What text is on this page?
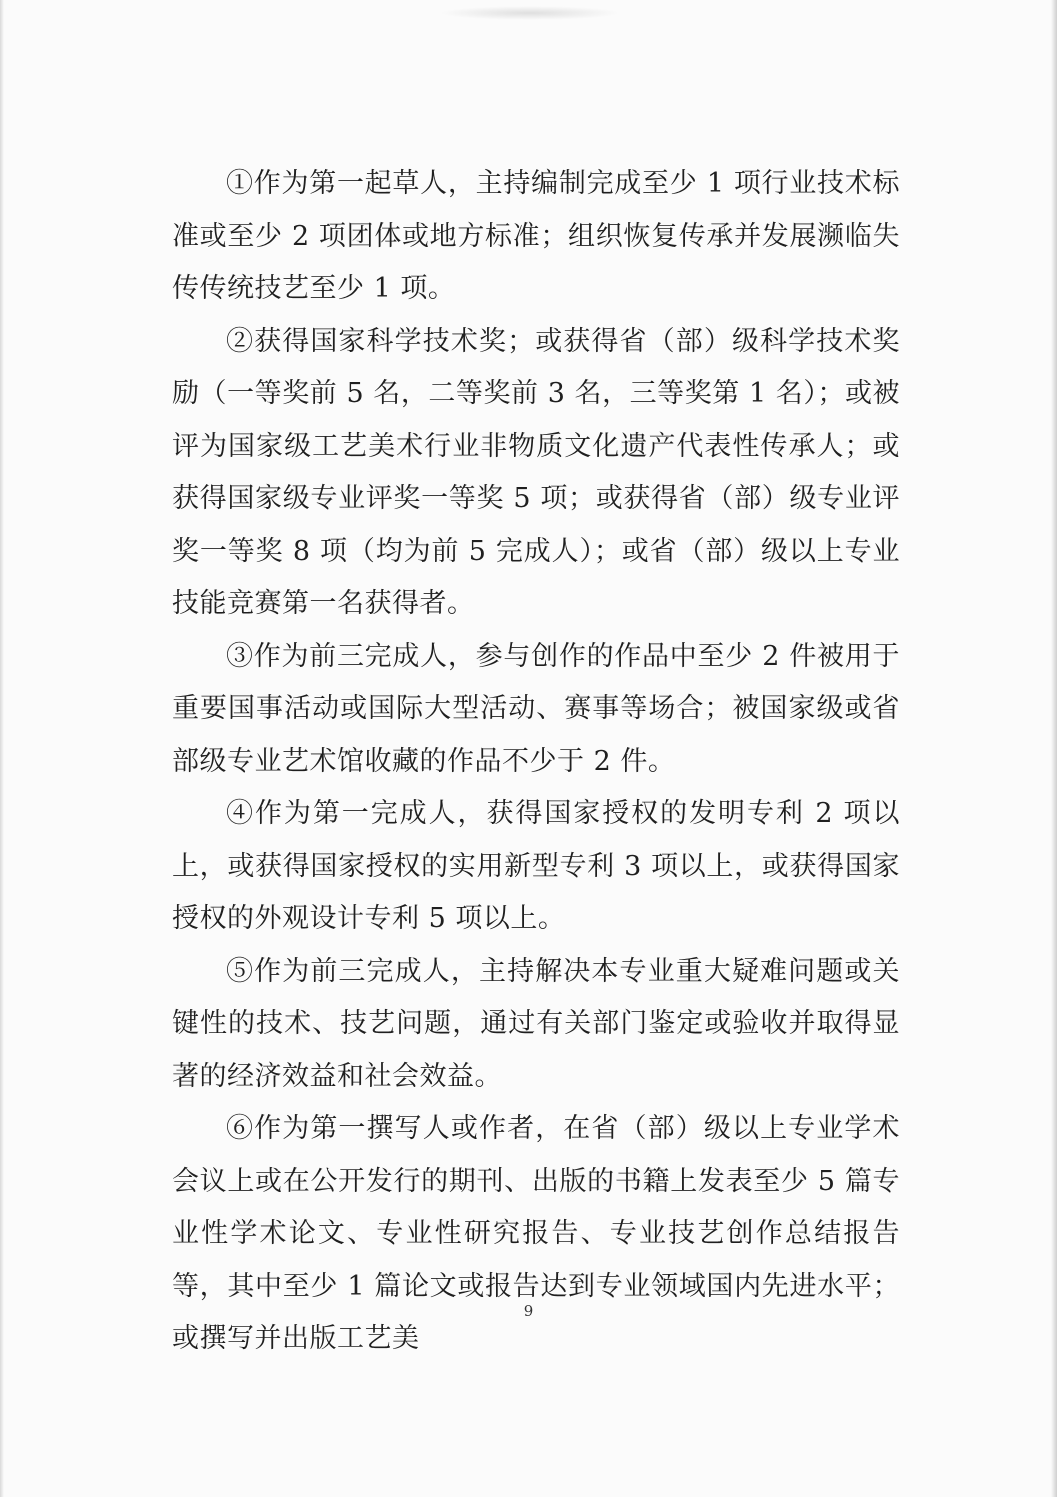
①作为第一起草人，主持编制完成至少 1 项行业技术标准或至少 2 项团体或地方标准；组织恢复传承并发展濒临失传传统技艺至少 1 项。

②获得国家科学技术奖；或获得省（部）级科学技术奖励（一等奖前 5 名，二等奖前 3 名，三等奖第 1 名）；或被评为国家级工艺美术行业非物质文化遗产代表性传承人；或获得国家级专业评奖一等奖 5 项；或获得省（部）级专业评奖一等奖 8 项（均为前 5 完成人）；或省（部）级以上专业技能竞赛第一名获得者。

③作为前三完成人，参与创作的作品中至少 2 件被用于重要国事活动或国际大型活动、赛事等场合；被国家级或省部级专业艺术馆收藏的作品不少于 2 件。

④作为第一完成人，获得国家授权的发明专利 2 项以上，或获得国家授权的实用新型专利 3 项以上，或获得国家授权的外观设计专利 5 项以上。

⑤作为前三完成人，主持解决本专业重大疑难问题或关键性的技术、技艺问题，通过有关部门鉴定或验收并取得显著的经济效益和社会效益。

⑥作为第一撰写人或作者，在省（部）级以上专业学术会议上或在公开发行的期刊、出版的书籍上发表至少 5 篇专业性学术论文、专业性研究报告、专业技艺创作总结报告等，其中至少 1 篇论文或报告达到专业领域国内先进水平；或撰写并出版工艺美

9
